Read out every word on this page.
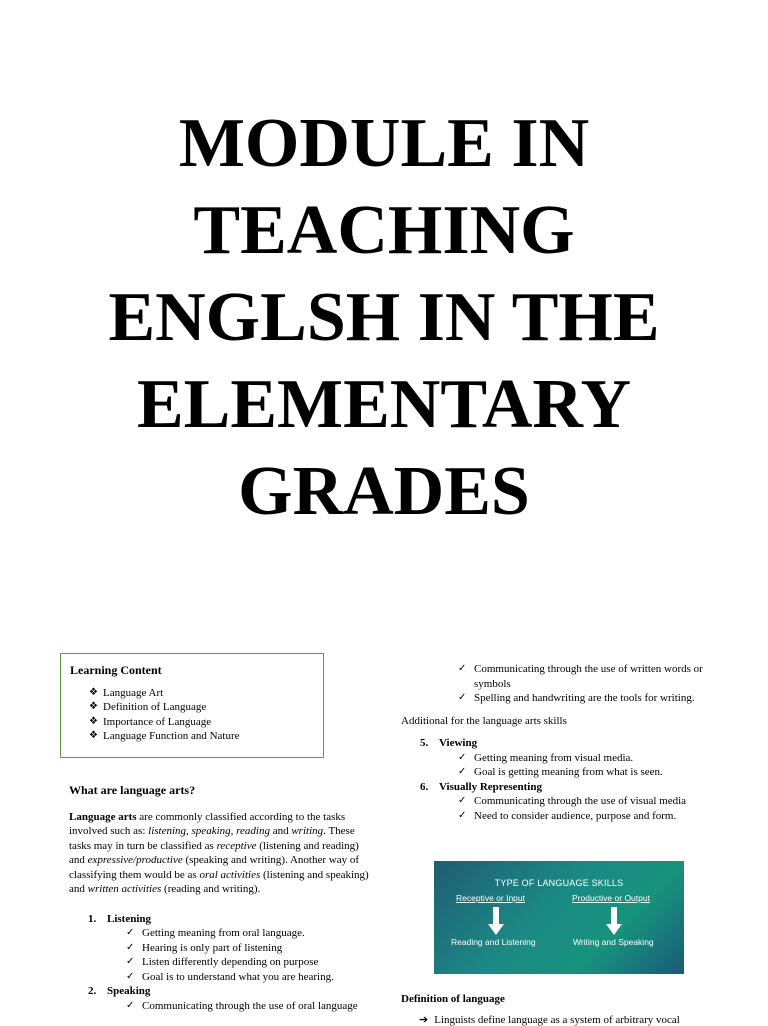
MODULE IN
TEACHING
ENGLSH IN THE
ELEMENTARY
GRADES
Learning Content
❖ Language Art
❖ Definition of Language
❖ Importance of Language
❖ Language Function and Nature
What are language arts?

Language arts are commonly classified according to the tasks involved such as: listening, speaking, reading and writing. These tasks may in turn be classified as receptive (listening and reading) and expressive/productive (speaking and writing). Another way of classifying them would be as oral activities (listening and speaking) and written activities (reading and writing).

1. Listening
✓ Getting meaning from oral language.
✓ Hearing is only part of listening
✓ Listen differently depending on purpose
✓ Goal is to understand what you are hearing.
2. Speaking
✓ Communicating through the use of oral language
✓ Communicating through the use of written words or symbols
✓ Spelling and handwriting are the tools for writing.
Additional for the language arts skills
5. Viewing
✓ Getting meaning from visual media.
✓ Goal is getting meaning from what is seen.
6. Visually Representing
✓ Communicating through the use of visual media
✓ Need to consider audience, purpose and form.
TYPE OF LANGUAGE SKILLS
Receptive or Input	Productive or Output
Reading and Listening	Writing and Speaking
Definition of language
➔ Linguists define language as a system of arbitrary vocal
